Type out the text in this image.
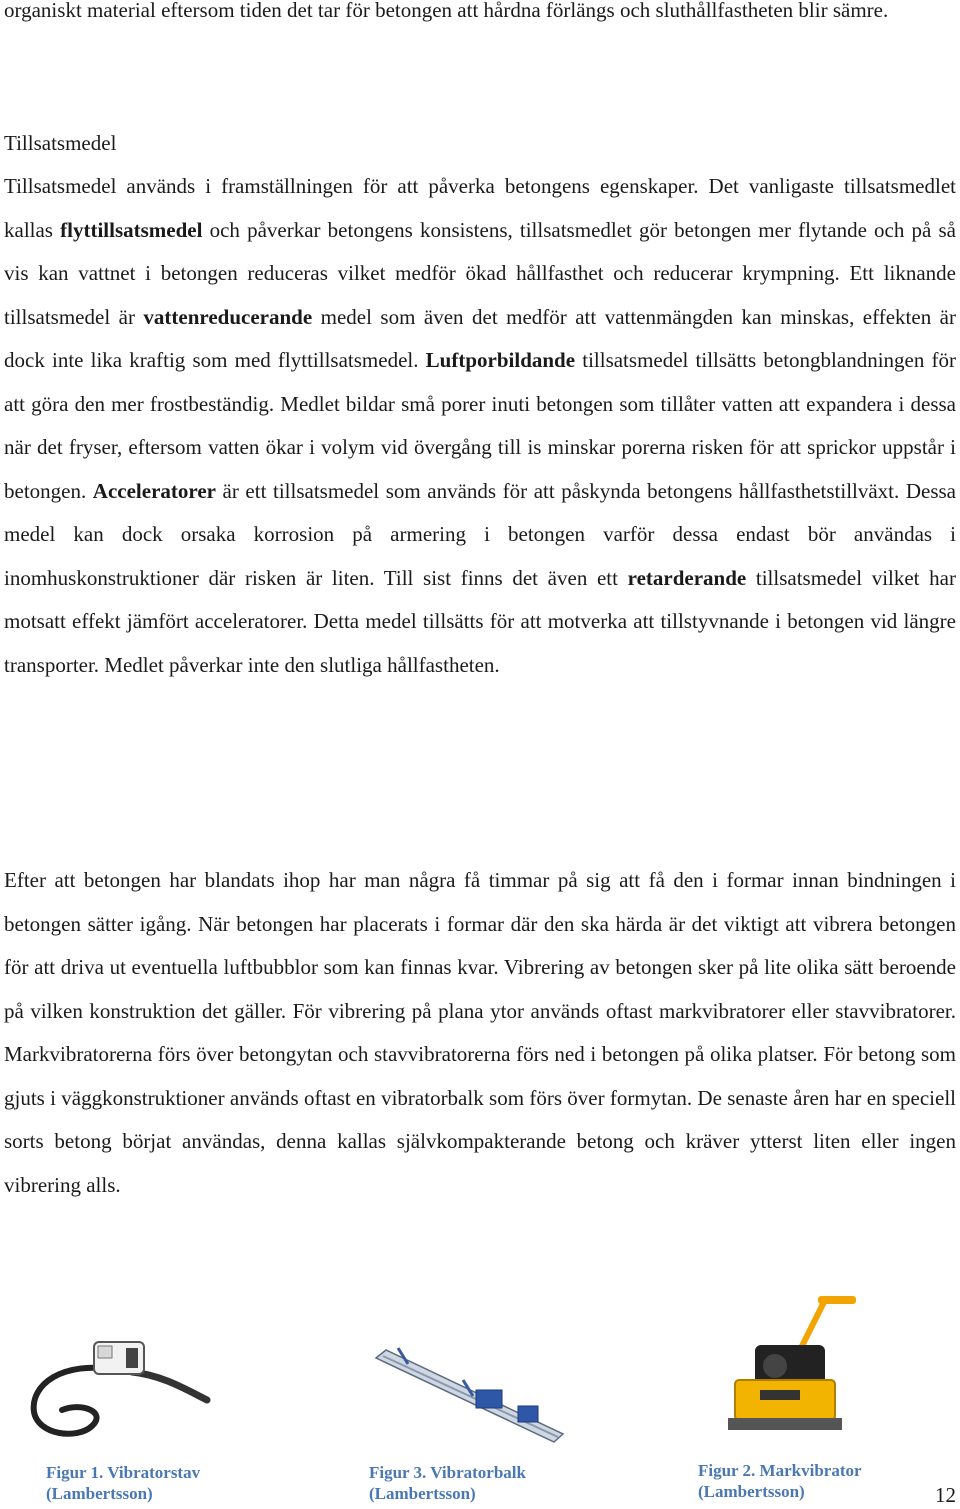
organiskt material eftersom tiden det tar för betongen att hårdna förlängs och sluthållfastheten blir sämre.

Tillsatsmedel

Tillsatsmedel används i framställningen för att påverka betongens egenskaper. Det vanligaste tillsatsmedlet kallas flyttillsatsmedel och påverkar betongens konsistens, tillsatsmedlet gör betongen mer flytande och på så vis kan vattnet i betongen reduceras vilket medför ökad hållfasthet och reducerar krympning. Ett liknande tillsatsmedel är vattenreducerande medel som även det medför att vattenmängden kan minskas, effekten är dock inte lika kraftig som med flyttillsatsmedel. Luftporbildande tillsatsmedel tillsätts betongblandningen för att göra den mer frostbeständig. Medlet bildar små porer inuti betongen som tillåter vatten att expandera i dessa när det fryser, eftersom vatten ökar i volym vid övergång till is minskar porerna risken för att sprickor uppstår i betongen. Acceleratorer är ett tillsatsmedel som används för att påskynda betongens hållfasthetstillväxt. Dessa medel kan dock orsaka korrosion på armering i betongen varför dessa endast bör användas i inomhuskonstruktioner där risken är liten. Till sist finns det även ett retarderande tillsatsmedel vilket har motsatt effekt jämfört acceleratorer. Detta medel tillsätts för att motverka att tillstyvnande i betongen vid längre transporter. Medlet påverkar inte den slutliga hållfastheten.

Efter att betongen har blandats ihop har man några få timmar på sig att få den i formar innan bindningen i betongen sätter igång. När betongen har placerats i formar där den ska härda är det viktigt att vibrera betongen för att driva ut eventuella luftbubblor som kan finnas kvar. Vibrering av betongen sker på lite olika sätt beroende på vilken konstruktion det gäller. För vibrering på plana ytor används oftast markvibratorer eller stavvibratorer. Markvibratorerna förs över betongytan och stavvibratorerna förs ned i betongen på olika platser. För betong som gjuts i väggkonstruktioner används oftast en vibratorbalk som förs över formytan. De senaste åren har en speciell sorts betong börjat användas, denna kallas självkompakterande betong och kräver ytterst liten eller ingen vibrering alls.

Figur 1. Vibratorstav
(Lambertsson)
Figur 3. Vibratorbalk
(Lambertsson)
Figur 2. Markvibrator
(Lambertsson)	12
